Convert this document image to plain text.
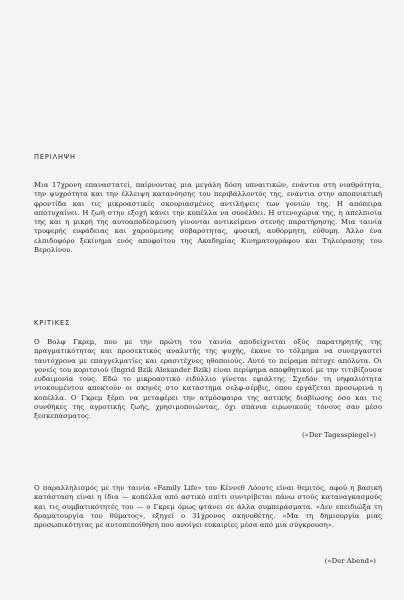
ΠΕΡΙΛΗΨΗ

Μια 17χρονη επαναστατεί, παίρνοντας μια μεγάλη δόση υπναιτικών, ενάντια στη νιαθρότητα, την ψυχρότητα και την έλλειψη κατανόησης του περιβάλλοντός της, ενάντια στην αποπνικτική φροντίδα και τις μικροαστικές σκουριασμένες αντιλήψεις των γονιών της. Η απόπειρα αποτυχαίνει. Η ζωή στην εξοχή κάνει την κοπέλλα να συνέλθει. Η στενοχώρια της, η απελπισία της και η μικρή της αυτοαποδέσμευση γίνονται αντικείμενο στενής παρατήρησης. Μια ταινία τρυφερής ευφάδειας και χαρούμενης σοβαρότητας, φυσική, αυθόρμητη, εύθυμη. Άλλο ένα ελπιδοφόρο ξεκίνημα ενός αποφοίτου της Ακαδημίας Κινηματογράφου και Τηλεόρασης του Βερολίνου.

ΚΡΙΤΙΚΕΣ

Ο Βολφ Γκρεμ, που με την πρώτη του ταινία αποδείχνεται οξύς παρατηρητής της πραγματικότητας και προσεκτικός αναλυτής της ψυχής, έκανε το τόλμημα να συνεργαστεί ταυτόχρονα με επαγγελματίες και ερασιτέχνες ηθοποιούς. Αυτό το πείραμα πέτυχε απόλυτα. Οι γονείς του κοριτσιού (Ingrid Bzik Alexander Bzik) είναι περίφημα αποφθητικοί με την τιτιβίζουσα ευδαιμονία τους. Εδώ το μικροαστικό ειδύλλιο γίνεται εφιάλτης. Σχεδόν τη νηφαλιότητα ντοκουμέντου αποκτούν οι σκηνές στο κατάστημα σελφ-σέρβις, όπου εργάζεται προσωρινά η κοπέλλα. Ο Γκρεμ ξέρει να μεταφέρει την ατμόσφαιρα της αστικής διαβίωσης όσο και τις συνθήκες της αγροτικής ζωής, χρησιμοποιώντας, όχι σπάνια ειρωνικούς τόνους σαν μέσο ξεσκεπάσματος.

(«Der Tagesspiegel»)

Ο παραλληλισμός με την ταινία «Family Life» του Κέννεθ Λόουτς είναι θεμιτός, αφού η βασική κατάσταση είναι η ίδια — κοπέλλα από αστικό σπίτι συντρίβεται πάνω στούς καταναγκασμούς και τις συμβατικότητές του — ο Γκρεμ όμως φτάνει σε άλλα συμπεράσματα. «Δεν επειδιώξα τη δραματουργία του θύματος», εξηγεί ο 31χρονος σκηνοθέτης. «Μα τη δημιουργία μιας προσωπικότητας με αυτοπεποίθηση που ανοίγει ευκαιρίες μέσα από μια σύγκρουση».

(«Der Abend»)
